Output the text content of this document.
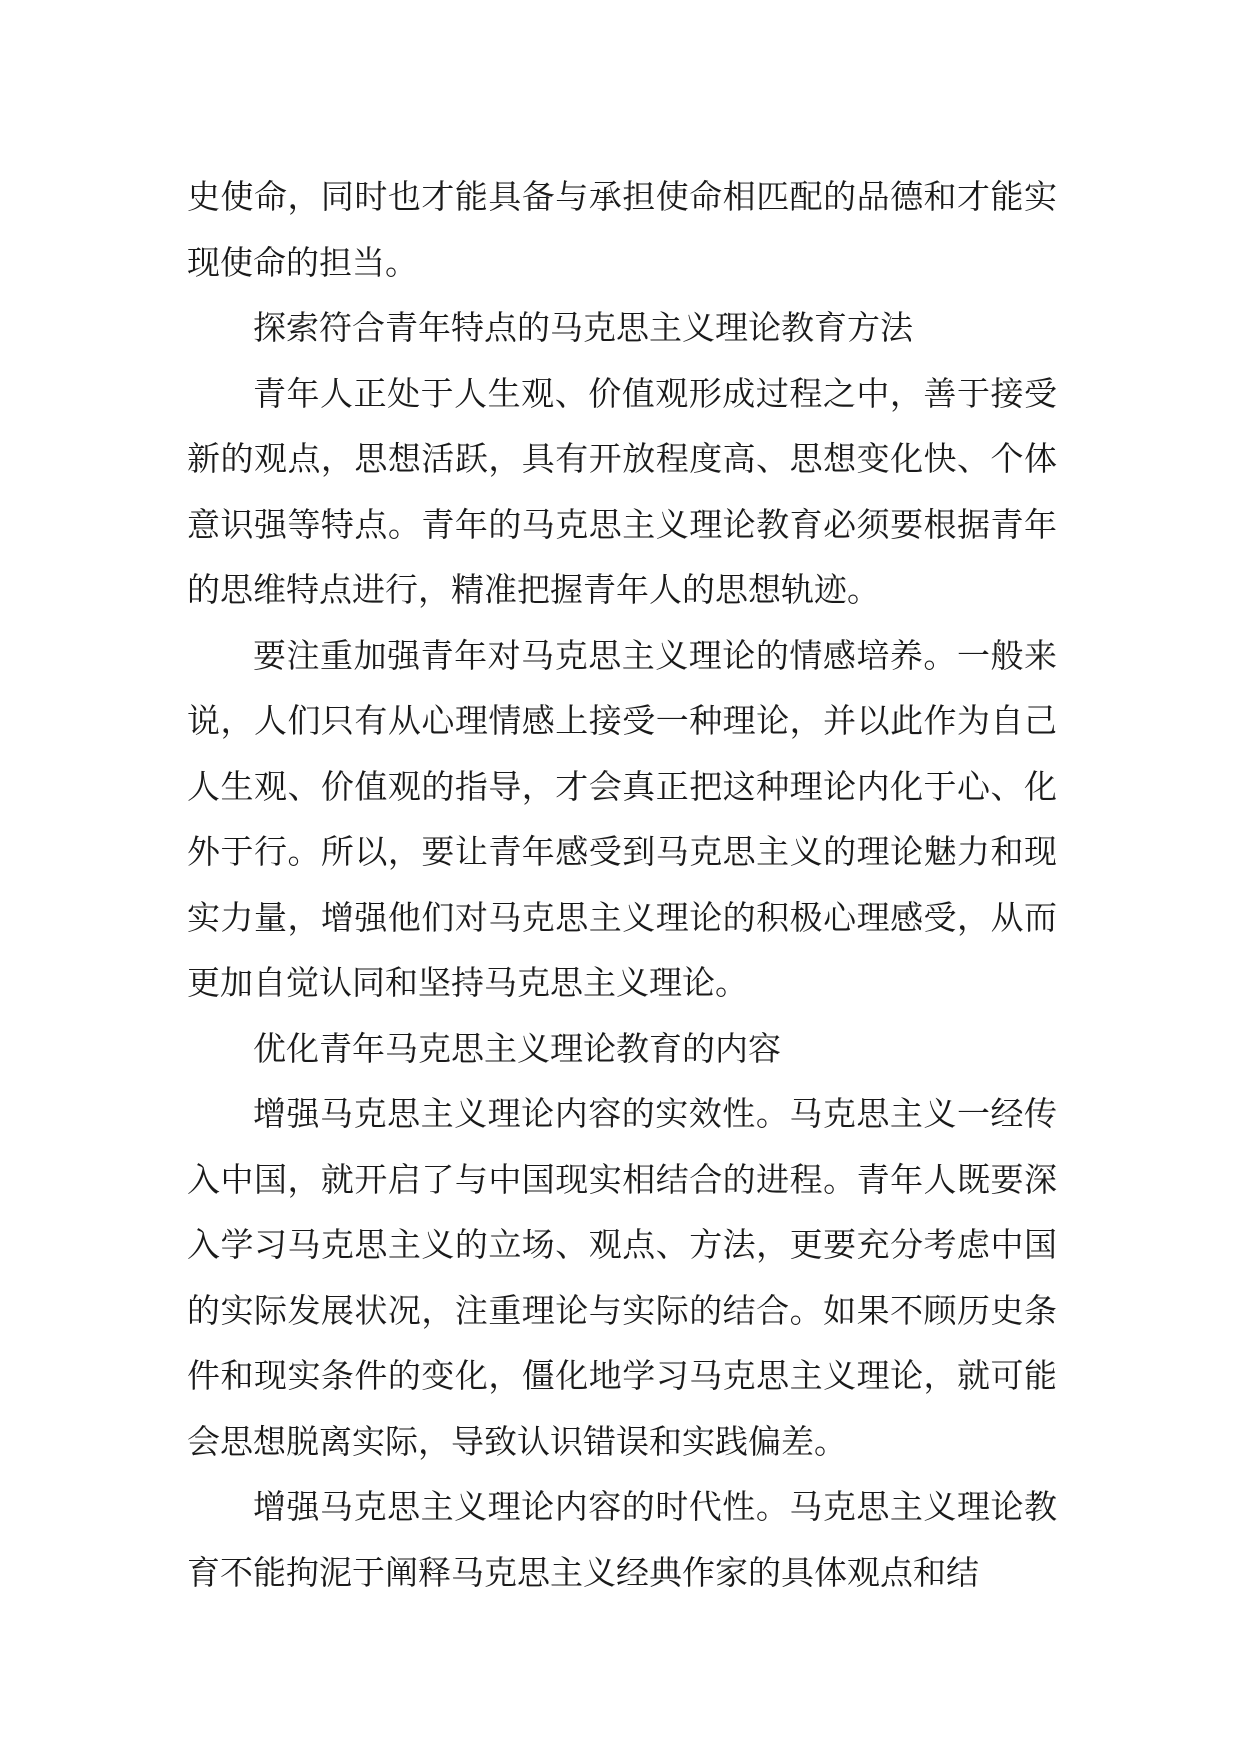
史使命，同时也才能具备与承担使命相匹配的品德和才能实现使命的担当。

探索符合青年特点的马克思主义理论教育方法

青年人正处于人生观、价值观形成过程之中，善于接受新的观点，思想活跃，具有开放程度高、思想变化快、个体意识强等特点。青年的马克思主义理论教育必须要根据青年的思维特点进行，精准把握青年人的思想轨迹。

要注重加强青年对马克思主义理论的情感培养。一般来说，人们只有从心理情感上接受一种理论，并以此作为自己人生观、价值观的指导，才会真正把这种理论内化于心、化外于行。所以，要让青年感受到马克思主义的理论魅力和现实力量，增强他们对马克思主义理论的积极心理感受，从而更加自觉认同和坚持马克思主义理论。

优化青年马克思主义理论教育的内容

增强马克思主义理论内容的实效性。马克思主义一经传入中国，就开启了与中国现实相结合的进程。青年人既要深入学习马克思主义的立场、观点、方法，更要充分考虑中国的实际发展状况，注重理论与实际的结合。如果不顾历史条件和现实条件的变化，僵化地学习马克思主义理论，就可能会思想脱离实际，导致认识错误和实践偏差。

增强马克思主义理论内容的时代性。马克思主义理论教育不能拘泥于阐释马克思主义经典作家的具体观点和结
